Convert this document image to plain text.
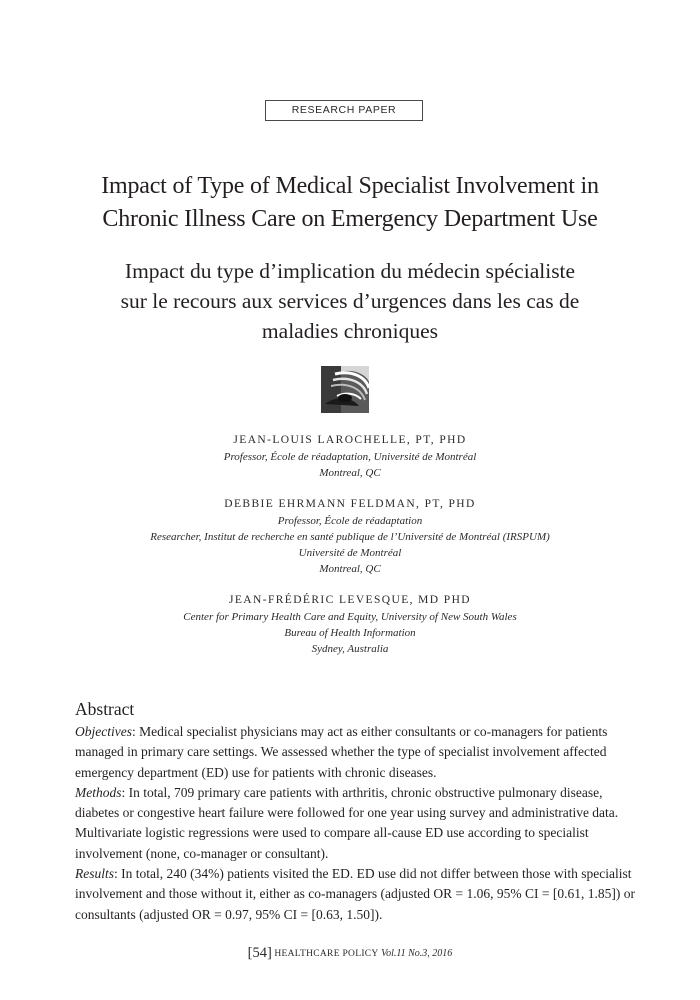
RESEARCH PAPER
Impact of Type of Medical Specialist Involvement in
Chronic Illness Care on Emergency Department Use
Impact du type d’implication du médecin spécialiste
sur le recours aux services d’urgences dans les cas de
maladies chroniques
JEAN-LOUIS LAROCHELLE, PT, PHD
Professor, École de réadaptation, Université de Montréal
Montreal, QC
DEBBIE EHRMANN FELDMAN, PT, PHD
Professor, École de réadaptation
Researcher, Institut de recherche en santé publique de l’Université de Montréal (IRSPUM)
Université de Montréal
Montreal, QC
JEAN-FRÉDÉRIC LEVESQUE, MD PHD
Center for Primary Health Care and Equity, University of New South Wales
Bureau of Health Information
Sydney, Australia
Abstract

Objectives: Medical specialist physicians may act as either consultants or co-managers for patients managed in primary care settings. We assessed whether the type of specialist involvement affected emergency department (ED) use for patients with chronic diseases.

Methods: In total, 709 primary care patients with arthritis, chronic obstructive pulmonary disease, diabetes or congestive heart failure were followed for one year using survey and administrative data. Multivariate logistic regressions were used to compare all-cause ED use according to specialist involvement (none, co-manager or consultant).

Results: In total, 240 (34%) patients visited the ED. ED use did not differ between those with specialist involvement and those without it, either as co-managers (adjusted OR = 1.06, 95% CI = [0.61, 1.85]) or consultants (adjusted OR = 0.97, 95% CI = [0.63, 1.50]).

[54] HEALTHCARE POLICY Vol.11 No.3, 2016
